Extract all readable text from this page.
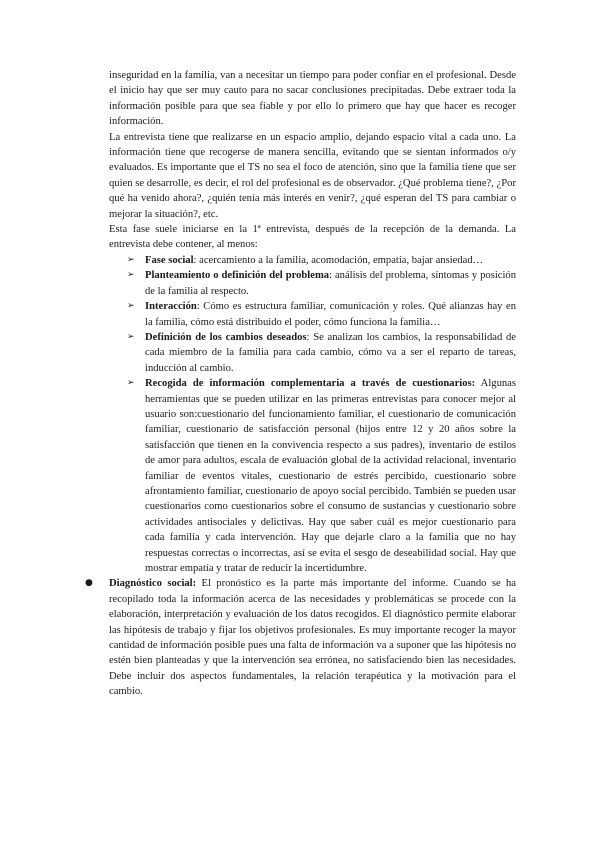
inseguridad en la familia, van a necesitar un tiempo para poder confiar en el profesional. Desde el inicio hay que ser muy cauto para no sacar conclusiones precipitadas. Debe extraer toda la información posible para que sea fiable y por ello lo primero que hay que hacer es recoger información.

La entrevista tiene que realizarse en un espacio amplio, dejando espacio vital a cada uno. La información tiene que recogerse de manera sencilla, evitando que se sientan informados o/y evaluados. Es importante que el TS no sea el foco de atención, sino que la familia tiene que ser quien se desarrolle, es decir, el rol del profesional es de observador. ¿Qué problema tiene?, ¿Por qué ha venido ahora?, ¿quién tenía más interés en venir?, ¿qué esperan del TS para cambiar o mejorar la situación?, etc.

Esta fase suele iniciarse en la 1ª entrevista, después de la recepción de la demanda. La entrevista debe contener, al menos:

➢ Fase social: acercamiento a la familia, acomodación, empatía, bajar ansiedad…
➢ Planteamiento o definición del problema: análisis del problema, síntomas y posición de la familia al respecto.
➢ Interacción: Cómo es estructura familiar, comunicación y roles. Qué alianzas hay en la familia, cómo está distribuido el poder, cómo funciona la familia…
➢ Definición de los cambios deseados: Se analizan los cambios, la responsabilidad de cada miembro de la familia para cada cambio, cómo va a ser el reparto de tareas, inducción al cambio.
➢ Recogida de información complementaria a través de cuestionarios: Algunas herramientas que se pueden utilizar en las primeras entrevistas para conocer mejor al usuario son:cuestionario del funcionamiento familiar, el cuestionario de comunicación familiar, cuestionario de satisfacción personal (hijos entre 12 y 20 años sobre la satisfacción que tienen en la convivencia respecto a sus padres), inventario de estilos de amor para adultos, escala de evaluación global de la actividad relacional, inventario familiar de eventos vitales, cuestionario de estrés percibido, cuestionario sobre afrontamiento familiar, cuestionario de apoyo social percibido. También se pueden usar cuestionarios como cuestionarios sobre el consumo de sustancias y cuestionario sobre actividades antisociales y delictivas. Hay que saber cuál es mejor cuestionario para cada familia y cada intervención. Hay que dejarle claro a la familia que no hay respuestas correctas o incorrectas, así se evita el sesgo de deseabilidad social. Hay que mostrar empatía y tratar de reducir la incertidumbre.
● Diagnóstico social: El pronóstico es la parte más importante del informe. Cuando se ha recopilado toda la información acerca de las necesidades y problemáticas se procede con la elaboración, interpretación y evaluación de los datos recogidos. El diagnóstico permite elaborar las hipótesis de trabajo y fijar los objetivos profesionales. Es muy importante recoger la mayor cantidad de información posible pues una falta de información va a suponer que las hipótesis no estén bien planteadas y que la intervención sea errónea, no satisfaciendo bien las necesidades. Debe incluir dos aspectos fundamentales, la relación terapéutica y la motivación para el cambio.
